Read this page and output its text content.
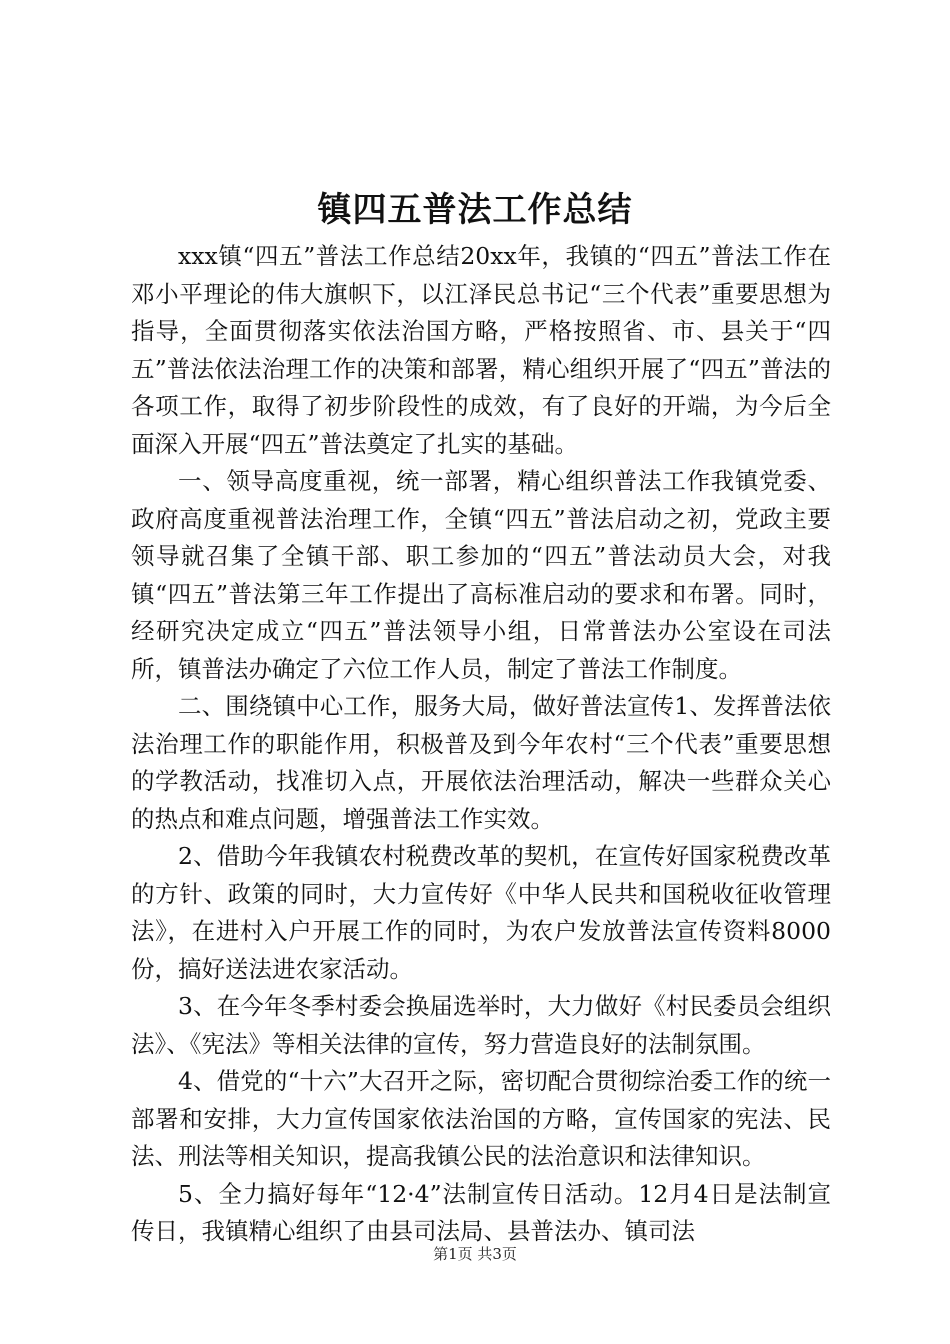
镇四五普法工作总结

xxx镇“四五”普法工作总结20xx年，我镇的“四五”普法工作在邓小平理论的伟大旗帜下，以江泽民总书记“三个代表”重要思想为指导，全面贯彻落实依法治国方略，严格按照省、市、县关于“四五”普法依法治理工作的决策和部署，精心组织开展了“四五”普法的各项工作，取得了初步阶段性的成效，有了良好的开端，为今后全面深入开展“四五”普法奠定了扎实的基础。

一、领导高度重视，统一部署，精心组织普法工作我镇党委、政府高度重视普法治理工作，全镇“四五”普法启动之初，党政主要领导就召集了全镇干部、职工参加的“四五”普法动员大会，对我镇“四五”普法第三年工作提出了高标准启动的要求和布署。同时，经研究决定成立“四五”普法领导小组，日常普法办公室设在司法所，镇普法办确定了六位工作人员，制定了普法工作制度。

二、围绕镇中心工作，服务大局，做好普法宣传1、发挥普法依法治理工作的职能作用，积极普及到今年农村“三个代表”重要思想的学教活动，找准切入点，开展依法治理活动，解决一些群众关心的热点和难点问题，增强普法工作实效。

2、借助今年我镇农村税费改革的契机，在宣传好国家税费改革的方针、政策的同时，大力宣传好《中华人民共和国税收征收管理法》，在进村入户开展工作的同时，为农户发放普法宣传资料8000份，搞好送法进农家活动。

3、在今年冬季村委会换届选举时，大力做好《村民委员会组织法》、《宪法》等相关法律的宣传，努力营造良好的法制氛围。

4、借党的“十六”大召开之际，密切配合贯彻综治委工作的统一部署和安排，大力宣传国家依法治国的方略，宣传国家的宪法、民法、刑法等相关知识，提高我镇公民的法治意识和法律知识。

5、全力搞好每年“12·4”法制宣传日活动。12月4日是法制宣传日，我镇精心组织了由县司法局、县普法办、镇司法

第1页 共3页
